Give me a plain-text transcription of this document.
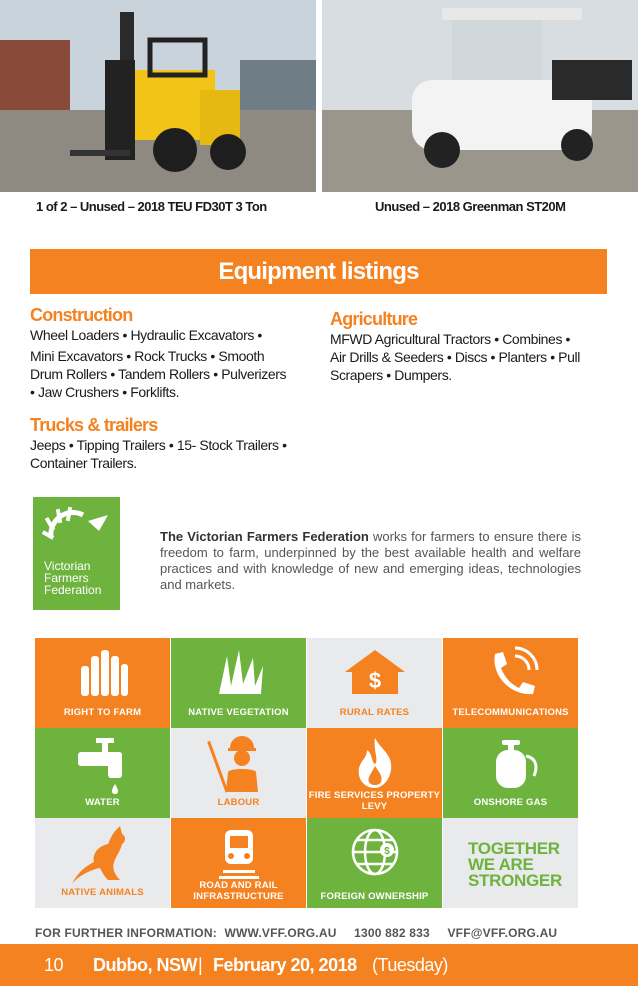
1 of 2 – Unused – 2018 TEU FD30T 3 Ton	Unused – 2018 Greenman ST20M
Equipment listings
Construction
Wheel Loaders • Hydraulic Excavators •
Mini Excavators • Rock Trucks • Smooth
Drum Rollers • Tandem Rollers • Pulverizers
• Jaw Crushers • Forklifts.
Agriculture
MFWD Agricultural Tractors • Combines •
Air Drills & Seeders • Discs • Planters • Pull
Scrapers • Dumpers.
Trucks & trailers
Jeeps • Tipping Trailers • 15- Stock Trailers •
Container Trailers.
Victorian
Farmers
Federation
The Victorian Farmers Federation works for farmers to ensure there is freedom to farm, underpinned by the best available health and welfare practices and with knowledge of new and emerging ideas, technologies and markets.
RIGHT TO FARM	NATIVE VEGETATION
$
RURAL RATES	TELECOMMUNICATIONS
WATER	LABOUR
FIRE SERVICES PROPERTY LEVY	ONSHORE GAS
NATIVE ANIMALS
ROAD AND RAIL INFRASTRUCTURE
$
FOREIGN OWNERSHIP
TOGETHER
WE ARE
STRONGER
FOR FURTHER INFORMATION: WWW.VFF.ORG.AU 1300 882 833 VFF@VFF.ORG.AU
10 Dubbo, NSW | February 20, 2018 (Tuesday)
